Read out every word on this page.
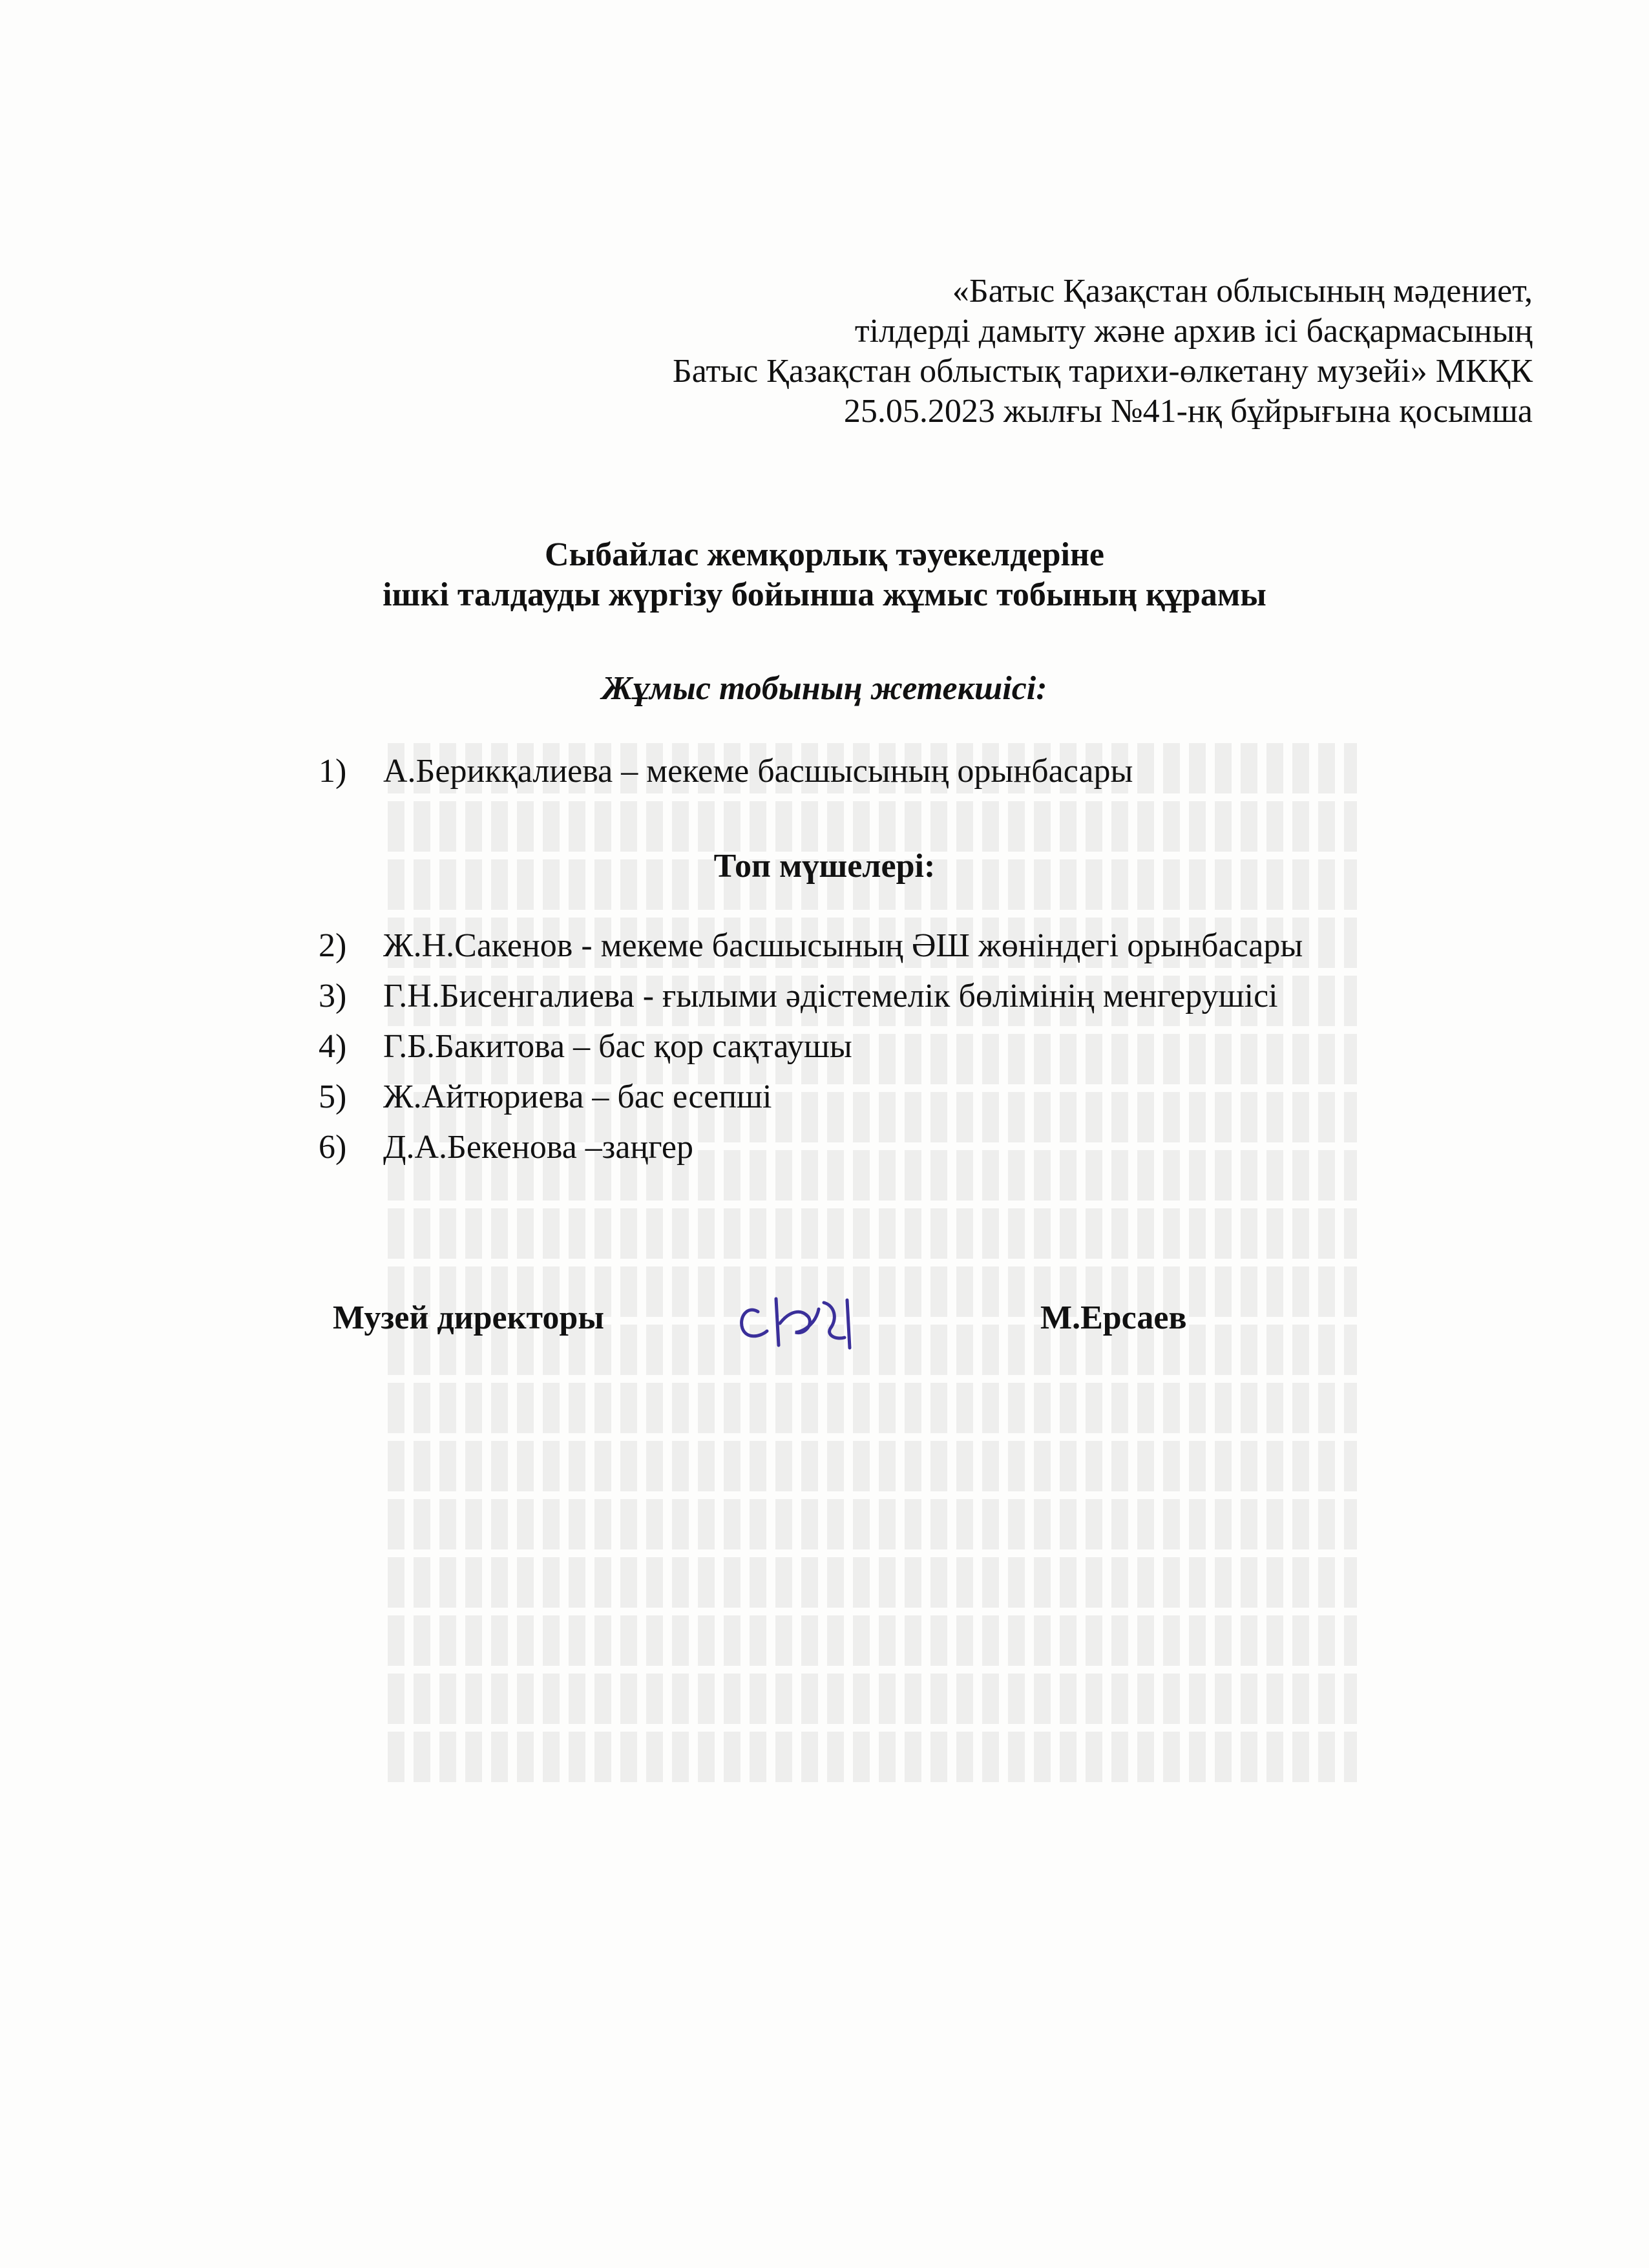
«Батыс Қазақстан облысының мәдениет,
тілдерді дамыту және архив ісі басқармасының
Батыс Қазақстан облыстық тарихи-өлкетану музейі» МКҚК
25.05.2023 жылғы №41-нқ бұйрығына қосымша
Сыбайлас жемқорлық тәуекелдеріне
ішкі талдауды жүргізу бойынша жұмыс тобының құрамы
Жұмыс тобының жетекшісі:
1)	А.Берикқалиева – мекеме басшысының орынбасары
Топ мүшелері:
2)	Ж.Н.Сакенов - мекеме басшысының ӘШ жөніндегі орынбасары
3)	Г.Н.Бисенгалиева - ғылыми әдістемелік бөлімінің менгерушісі
4)	Г.Б.Бакитова – бас қор сақтаушы
5)	Ж.Айтюриева – бас есепші
6)	Д.А.Бекенова –заңгер
Музей директоры	М.Ерсаев
